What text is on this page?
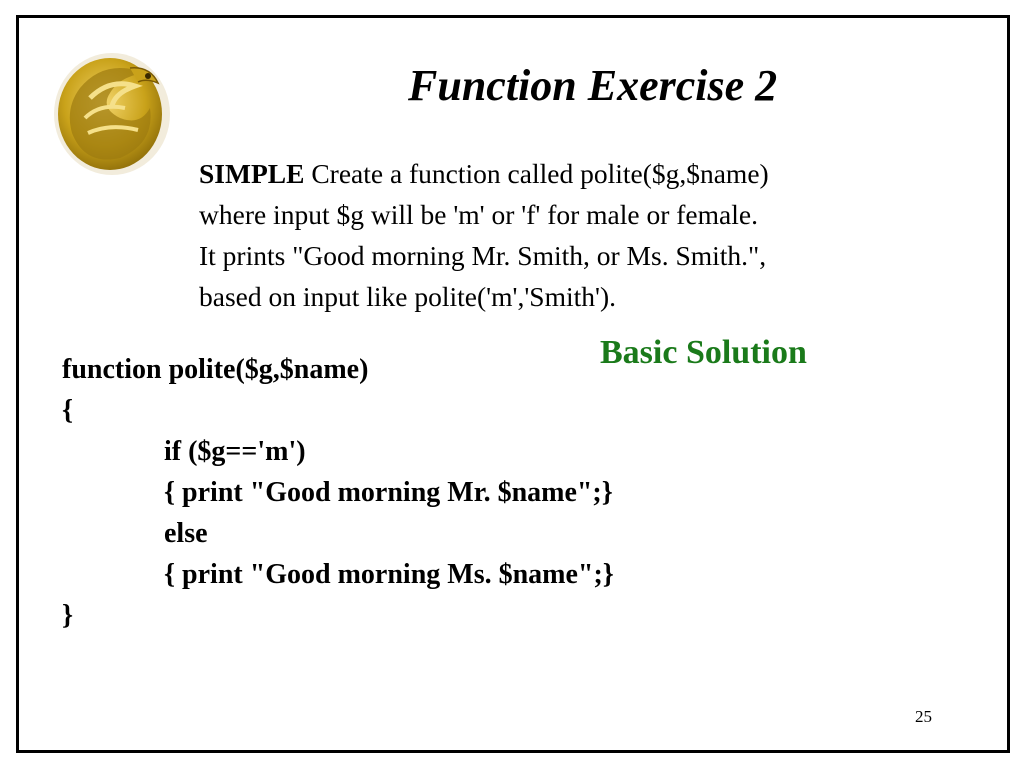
Function Exercise 2
SIMPLE Create a function called polite($g,$name)
where input $g will be 'm' or 'f' for male or female.
It prints "Good morning Mr. Smith, or Ms. Smith.",
based on input like polite('m','Smith').
Basic Solution
function polite($g,$name)
{
if ($g=='m')
{ print "Good morning Mr. $name";}
else
{ print "Good morning Ms. $name";}
}
25
